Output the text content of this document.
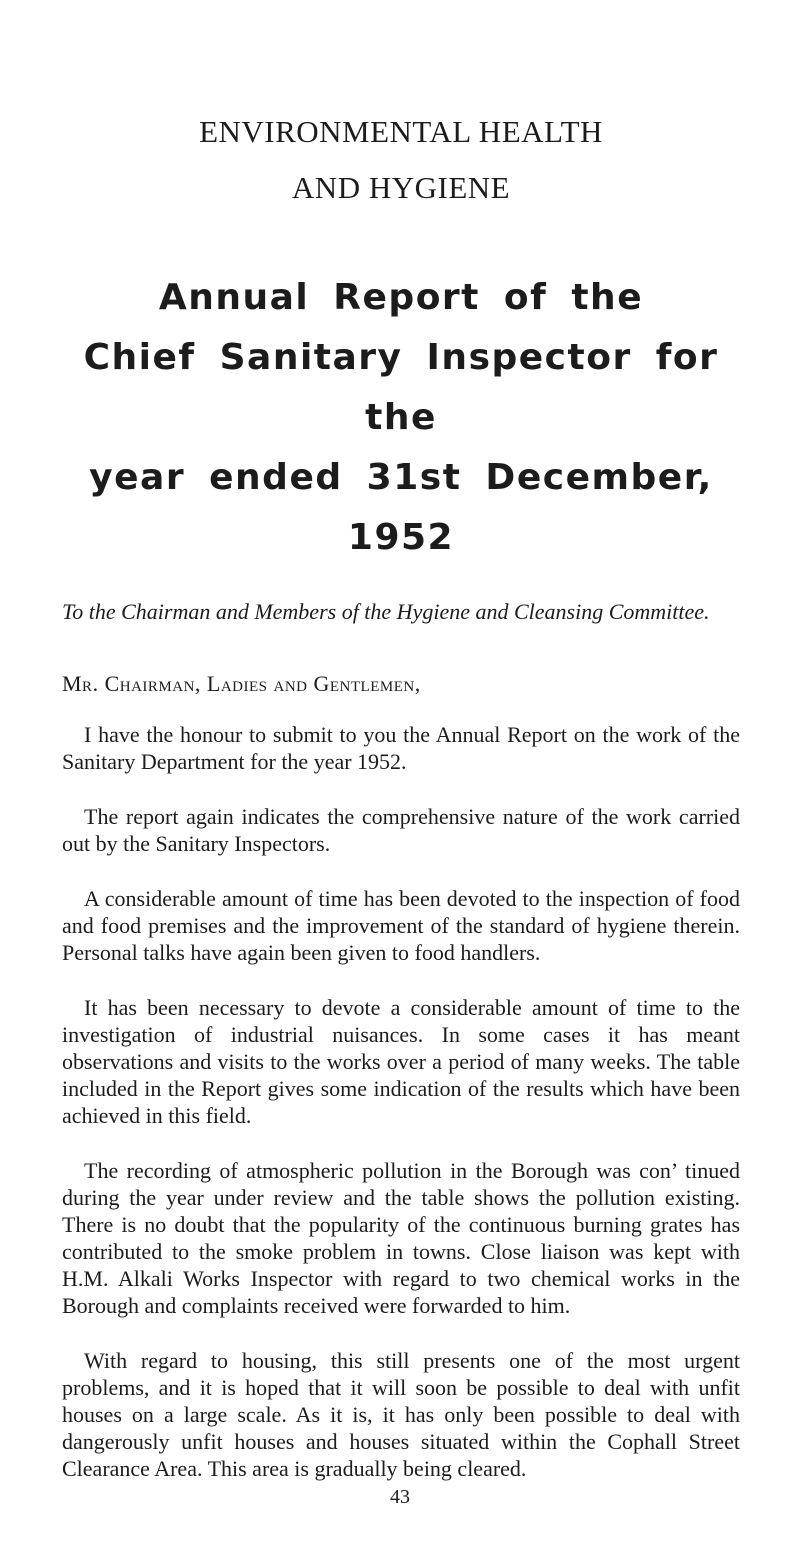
ENVIRONMENTAL HEALTH
AND HYGIENE
Annual Report of the
Chief Sanitary Inspector for the
year ended 31st December, 1952

To the Chairman and Members of the Hygiene and Cleansing Committee.

Mr. Chairman, Ladies and Gentlemen,

I have the honour to submit to you the Annual Report on the work of the Sanitary Department for the year 1952.

The report again indicates the comprehensive nature of the work carried out by the Sanitary Inspectors.

A considerable amount of time has been devoted to the inspection of food and food premises and the improvement of the standard of hygiene therein. Personal talks have again been given to food handlers.

It has been necessary to devote a considerable amount of time to the investigation of industrial nuisances. In some cases it has meant observations and visits to the works over a period of many weeks. The table included in the Report gives some indication of the results which have been achieved in this field.

The recording of atmospheric pollution in the Borough was con’ tinued during the year under review and the table shows the pollution existing. There is no doubt that the popularity of the continuous burning grates has contributed to the smoke problem in towns. Close liaison was kept with H.M. Alkali Works Inspector with regard to two chemical works in the Borough and complaints received were forwarded to him.

With regard to housing, this still presents one of the most urgent problems, and it is hoped that it will soon be possible to deal with unfit houses on a large scale. As it is, it has only been possible to deal with dangerously unfit houses and houses situated within the Cophall Street Clearance Area. This area is gradually being cleared.

43
